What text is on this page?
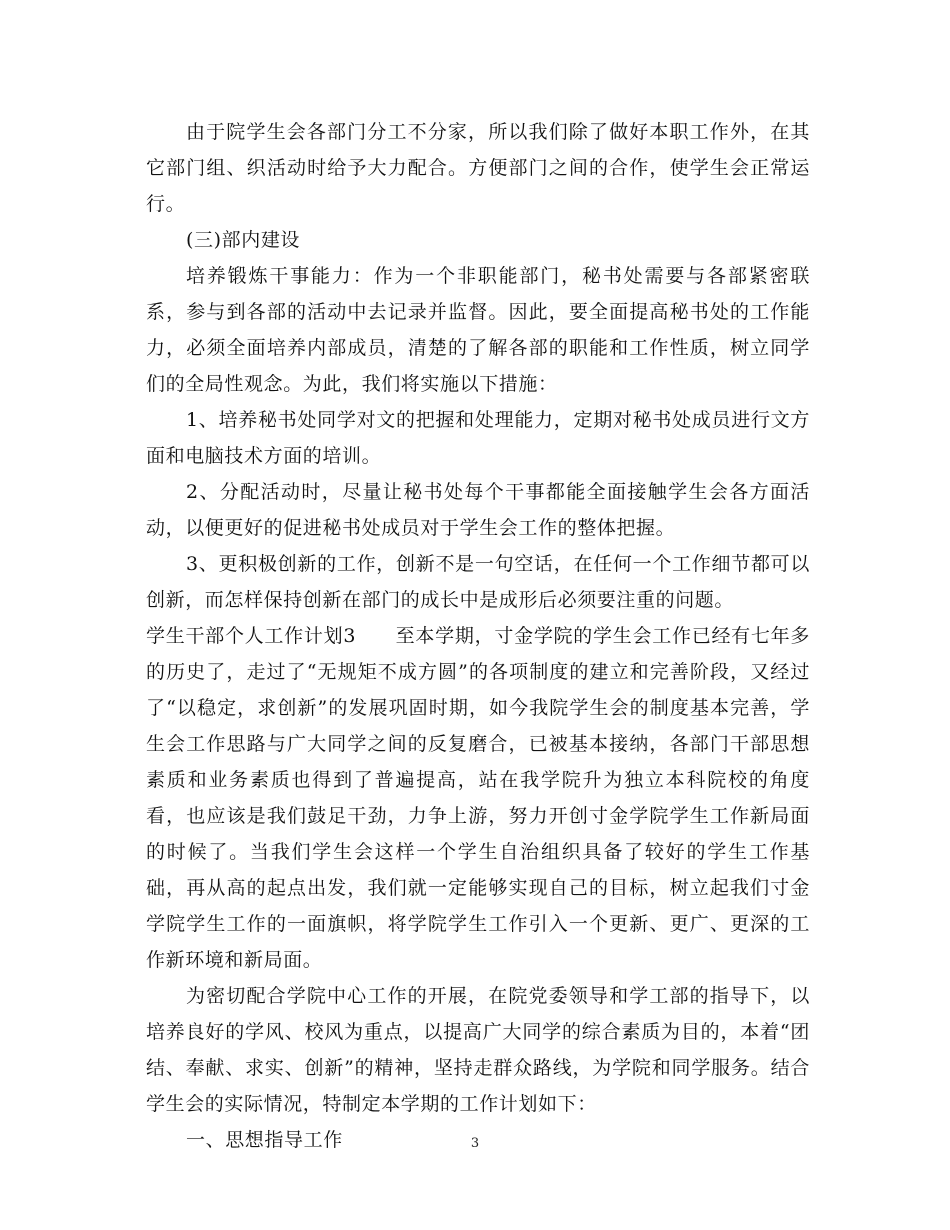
由于院学生会各部门分工不分家，所以我们除了做好本职工作外，在其它部门组、织活动时给予大力配合。方便部门之间的合作，使学生会正常运行。

(三)部内建设

培养锻炼干事能力：作为一个非职能部门，秘书处需要与各部紧密联系，参与到各部的活动中去记录并监督。因此，要全面提高秘书处的工作能力，必须全面培养内部成员，清楚的了解各部的职能和工作性质，树立同学们的全局性观念。为此，我们将实施以下措施：

1、培养秘书处同学对文的把握和处理能力，定期对秘书处成员进行文方面和电脑技术方面的培训。

2、分配活动时，尽量让秘书处每个干事都能全面接触学生会各方面活动，以便更好的促进秘书处成员对于学生会工作的整体把握。

3、更积极创新的工作，创新不是一句空话，在任何一个工作细节都可以创新，而怎样保持创新在部门的成长中是成形后必须要注重的问题。

学生干部个人工作计划3　　至本学期，寸金学院的学生会工作已经有七年多的历史了，走过了“无规矩不成方圆”的各项制度的建立和完善阶段，又经过了“以稳定，求创新”的发展巩固时期，如今我院学生会的制度基本完善，学生会工作思路与广大同学之间的反复磨合，已被基本接纳，各部门干部思想素质和业务素质也得到了普遍提高，站在我学院升为独立本科院校的角度看，也应该是我们鼓足干劲，力争上游，努力开创寸金学院学生工作新局面的时候了。当我们学生会这样一个学生自治组织具备了较好的学生工作基础，再从高的起点出发，我们就一定能够实现自己的目标，树立起我们寸金学院学生工作的一面旗帜，将学院学生工作引入一个更新、更广、更深的工作新环境和新局面。

为密切配合学院中心工作的开展，在院党委领导和学工部的指导下，以培养良好的学风、校风为重点，以提高广大同学的综合素质为目的，本着“团结、奉献、求实、创新”的精神，坚持走群众路线，为学院和同学服务。结合学生会的实际情况，特制定本学期的工作计划如下：

一、思想指导工作	3
